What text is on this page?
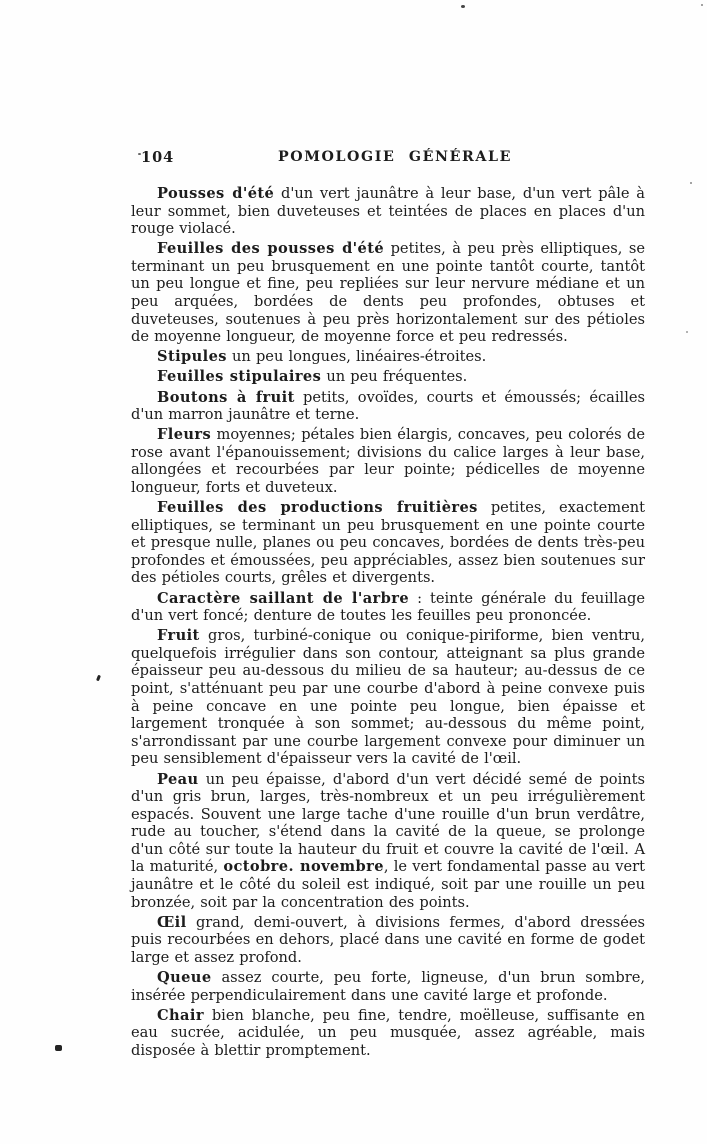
104	POMOLOGIE GÉNÉRALE

Pousses d'été d'un vert jaunâtre à leur base, d'un vert pâle à leur sommet, bien duveteuses et teintées de places en places d'un rouge violacé.

Feuilles des pousses d'été petites, à peu près elliptiques, se terminant un peu brusquement en une pointe tantôt courte, tantôt un peu longue et fine, peu repliées sur leur nervure médiane et un peu arquées, bordées de dents peu profondes, obtuses et duveteuses, soutenues à peu près horizontalement sur des pétioles de moyenne longueur, de moyenne force et peu redressés.

Stipules un peu longues, linéaires-étroites.

Feuilles stipulaires un peu fréquentes.

Boutons à fruit petits, ovoïdes, courts et émoussés; écailles d'un marron jaunâtre et terne.

Fleurs moyennes; pétales bien élargis, concaves, peu colorés de rose avant l'épanouissement; divisions du calice larges à leur base, allongées et recourbées par leur pointe; pédicelles de moyenne longueur, forts et duveteux.

Feuilles des productions fruitières petites, exactement elliptiques, se terminant un peu brusquement en une pointe courte et presque nulle, planes ou peu concaves, bordées de dents très-peu profondes et émoussées, peu appréciables, assez bien soutenues sur des pétioles courts, grêles et divergents.

Caractère saillant de l'arbre : teinte générale du feuillage d'un vert foncé; denture de toutes les feuilles peu prononcée.

Fruit gros, turbiné-conique ou conique-piriforme, bien ventru, quelquefois irrégulier dans son contour, atteignant sa plus grande épaisseur peu au-dessous du milieu de sa hauteur; au-dessus de ce point, s'atténuant peu par une courbe d'abord à peine convexe puis à peine concave en une pointe peu longue, bien épaisse et largement tronquée à son sommet; au-dessous du même point, s'arrondissant par une courbe largement convexe pour diminuer un peu sensiblement d'épaisseur vers la cavité de l'œil.

Peau un peu épaisse, d'abord d'un vert décidé semé de points d'un gris brun, larges, très-nombreux et un peu irrégulièrement espacés. Souvent une large tache d'une rouille d'un brun verdâtre, rude au toucher, s'étend dans la cavité de la queue, se prolonge d'un côté sur toute la hauteur du fruit et couvre la cavité de l'œil. A la maturité, octobre. novembre, le vert fondamental passe au vert jaunâtre et le côté du soleil est indiqué, soit par une rouille un peu bronzée, soit par la concentration des points.

Œil grand, demi-ouvert, à divisions fermes, d'abord dressées puis recourbées en dehors, placé dans une cavité en forme de godet large et assez profond.

Queue assez courte, peu forte, ligneuse, d'un brun sombre, insérée perpendiculairement dans une cavité large et profonde.

Chair bien blanche, peu fine, tendre, moëlleuse, suffisante en eau sucrée, acidulée, un peu musquée, assez agréable, mais disposée à blettir promptement.
